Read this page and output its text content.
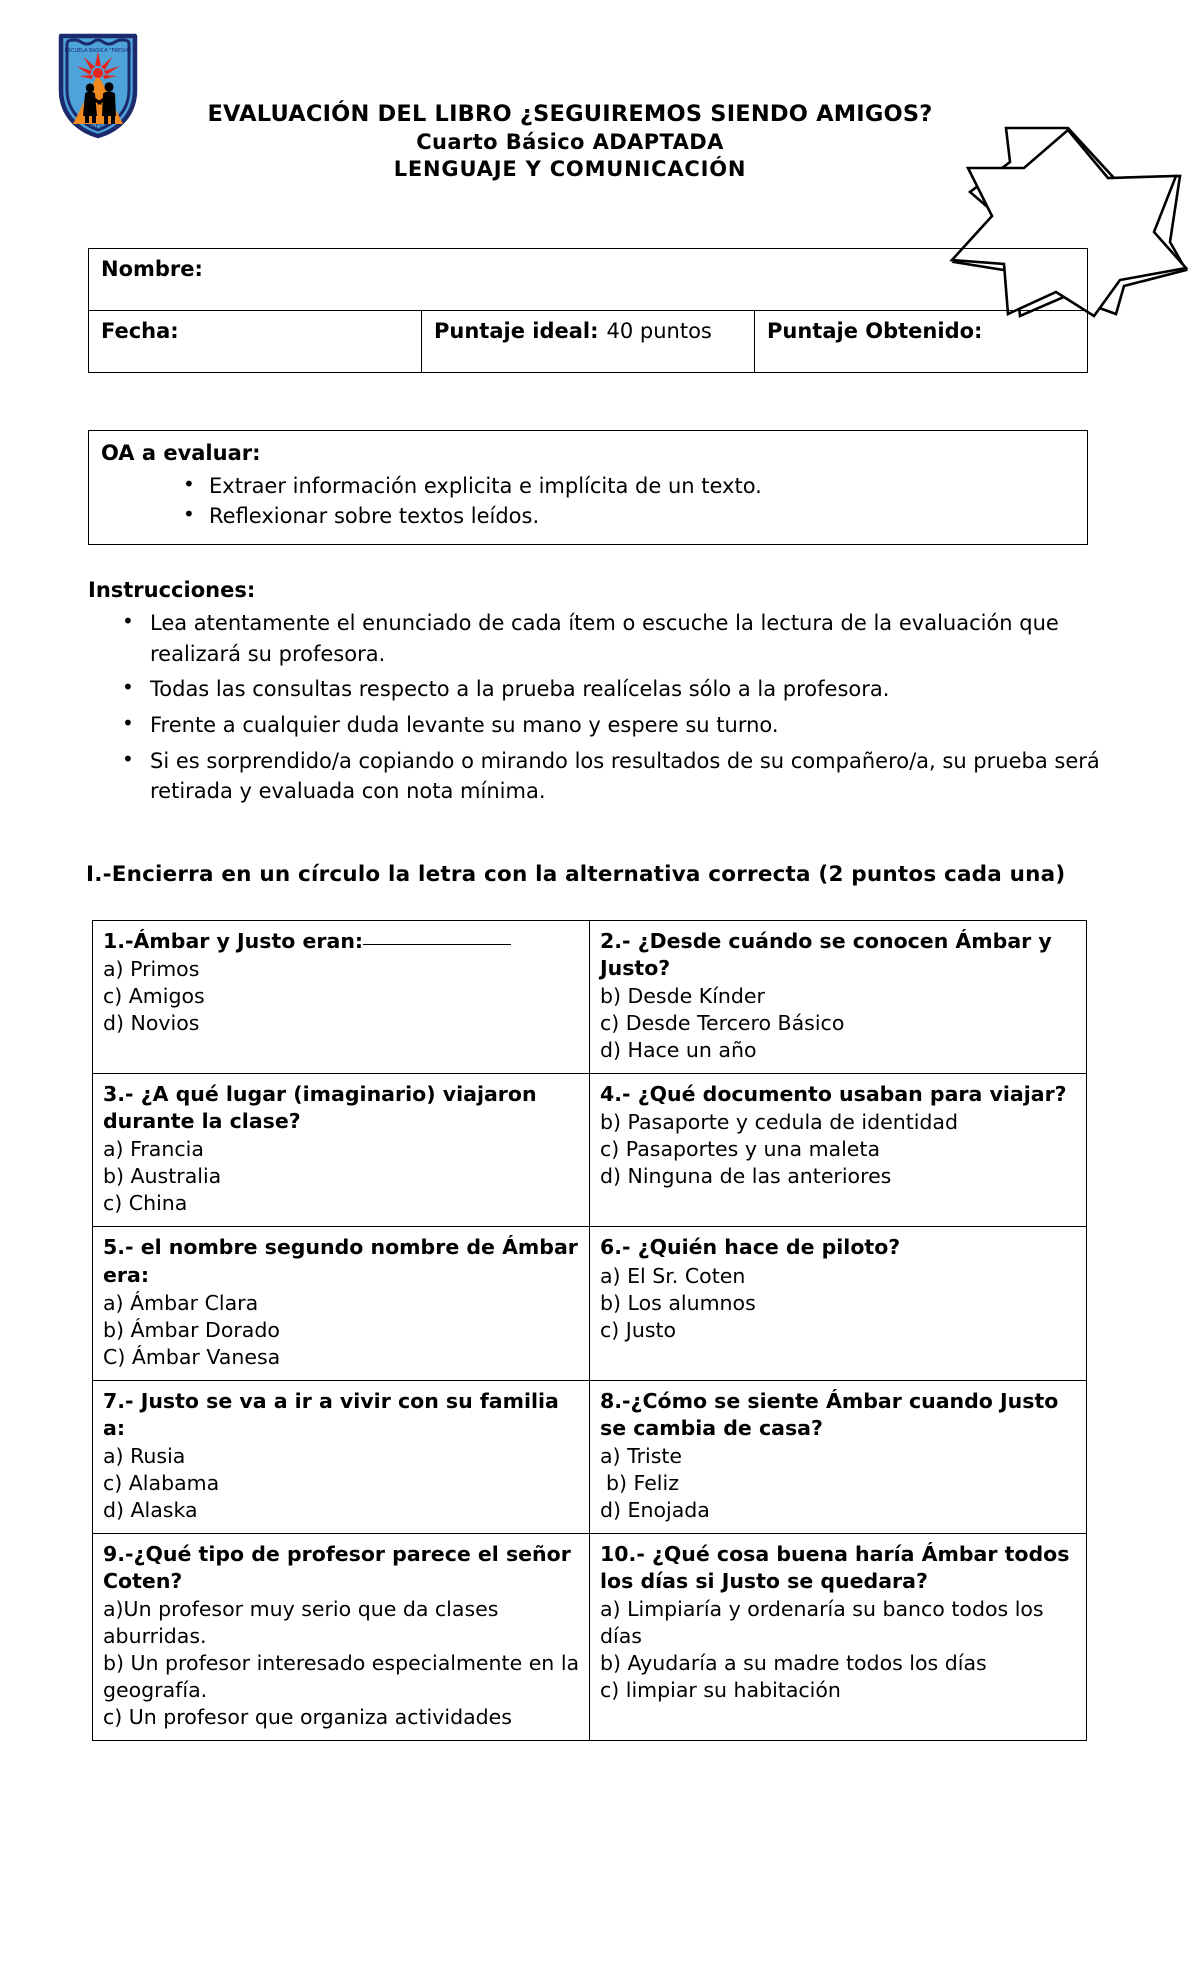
ESCUELA BASICA "FRESIA"
FRESIA	EVALUACIÓN DEL LIBRO ¿SEGUIREMOS SIENDO AMIGOS?
Cuarto Básico ADAPTADA
LENGUAJE Y COMUNICACIÓN
Nombre:
Fecha:	Puntaje ideal: 40 puntos	Puntaje Obtenido:
OA a evaluar:
• Extraer información explicita e implícita de un texto.
• Reflexionar sobre textos leídos.
Instrucciones:
• Lea atentamente el enunciado de cada ítem o escuche la lectura de la evaluación que realizará su profesora.
• Todas las consultas respecto a la prueba realícelas sólo a la profesora.
• Frente a cualquier duda levante su mano y espere su turno.
• Si es sorprendido/a copiando o mirando los resultados de su compañero/a, su prueba será retirada y evaluada con nota mínima.
I.-Encierra en un círculo la letra con la alternativa correcta (2 puntos cada una)
1.-Ámbar y Justo eran:
a) Primos
c) Amigos
d) Novios

2.- ¿Desde cuándo se conocen Ámbar y Justo?
b) Desde Kínder
c) Desde Tercero Básico
d) Hace un año

3.- ¿A qué lugar (imaginario) viajaron durante la clase?
a) Francia
b) Australia
c) China

4.- ¿Qué documento usaban para viajar?
b) Pasaporte y cedula de identidad
c) Pasaportes y una maleta
d) Ninguna de las anteriores

5.- el nombre segundo nombre de Ámbar era:
a) Ámbar Clara
b) Ámbar Dorado
C) Ámbar Vanesa

6.- ¿Quién hace de piloto?
a) El Sr. Coten
b) Los alumnos
c) Justo

7.- Justo se va a ir a vivir con su familia a:
a) Rusia
c) Alabama
d) Alaska

8.-¿Cómo se siente Ámbar cuando Justo se cambia de casa?
a) Triste
b) Feliz
d) Enojada

9.-¿Qué tipo de profesor parece el señor Coten?
a)Un profesor muy serio que da clases aburridas.
b) Un profesor interesado especialmente en la geografía.
c) Un profesor que organiza actividades

10.- ¿Qué cosa buena haría Ámbar todos los días si Justo se quedara?
a) Limpiaría y ordenaría su banco todos los días
b) Ayudaría a su madre todos los días
c) limpiar su habitación
